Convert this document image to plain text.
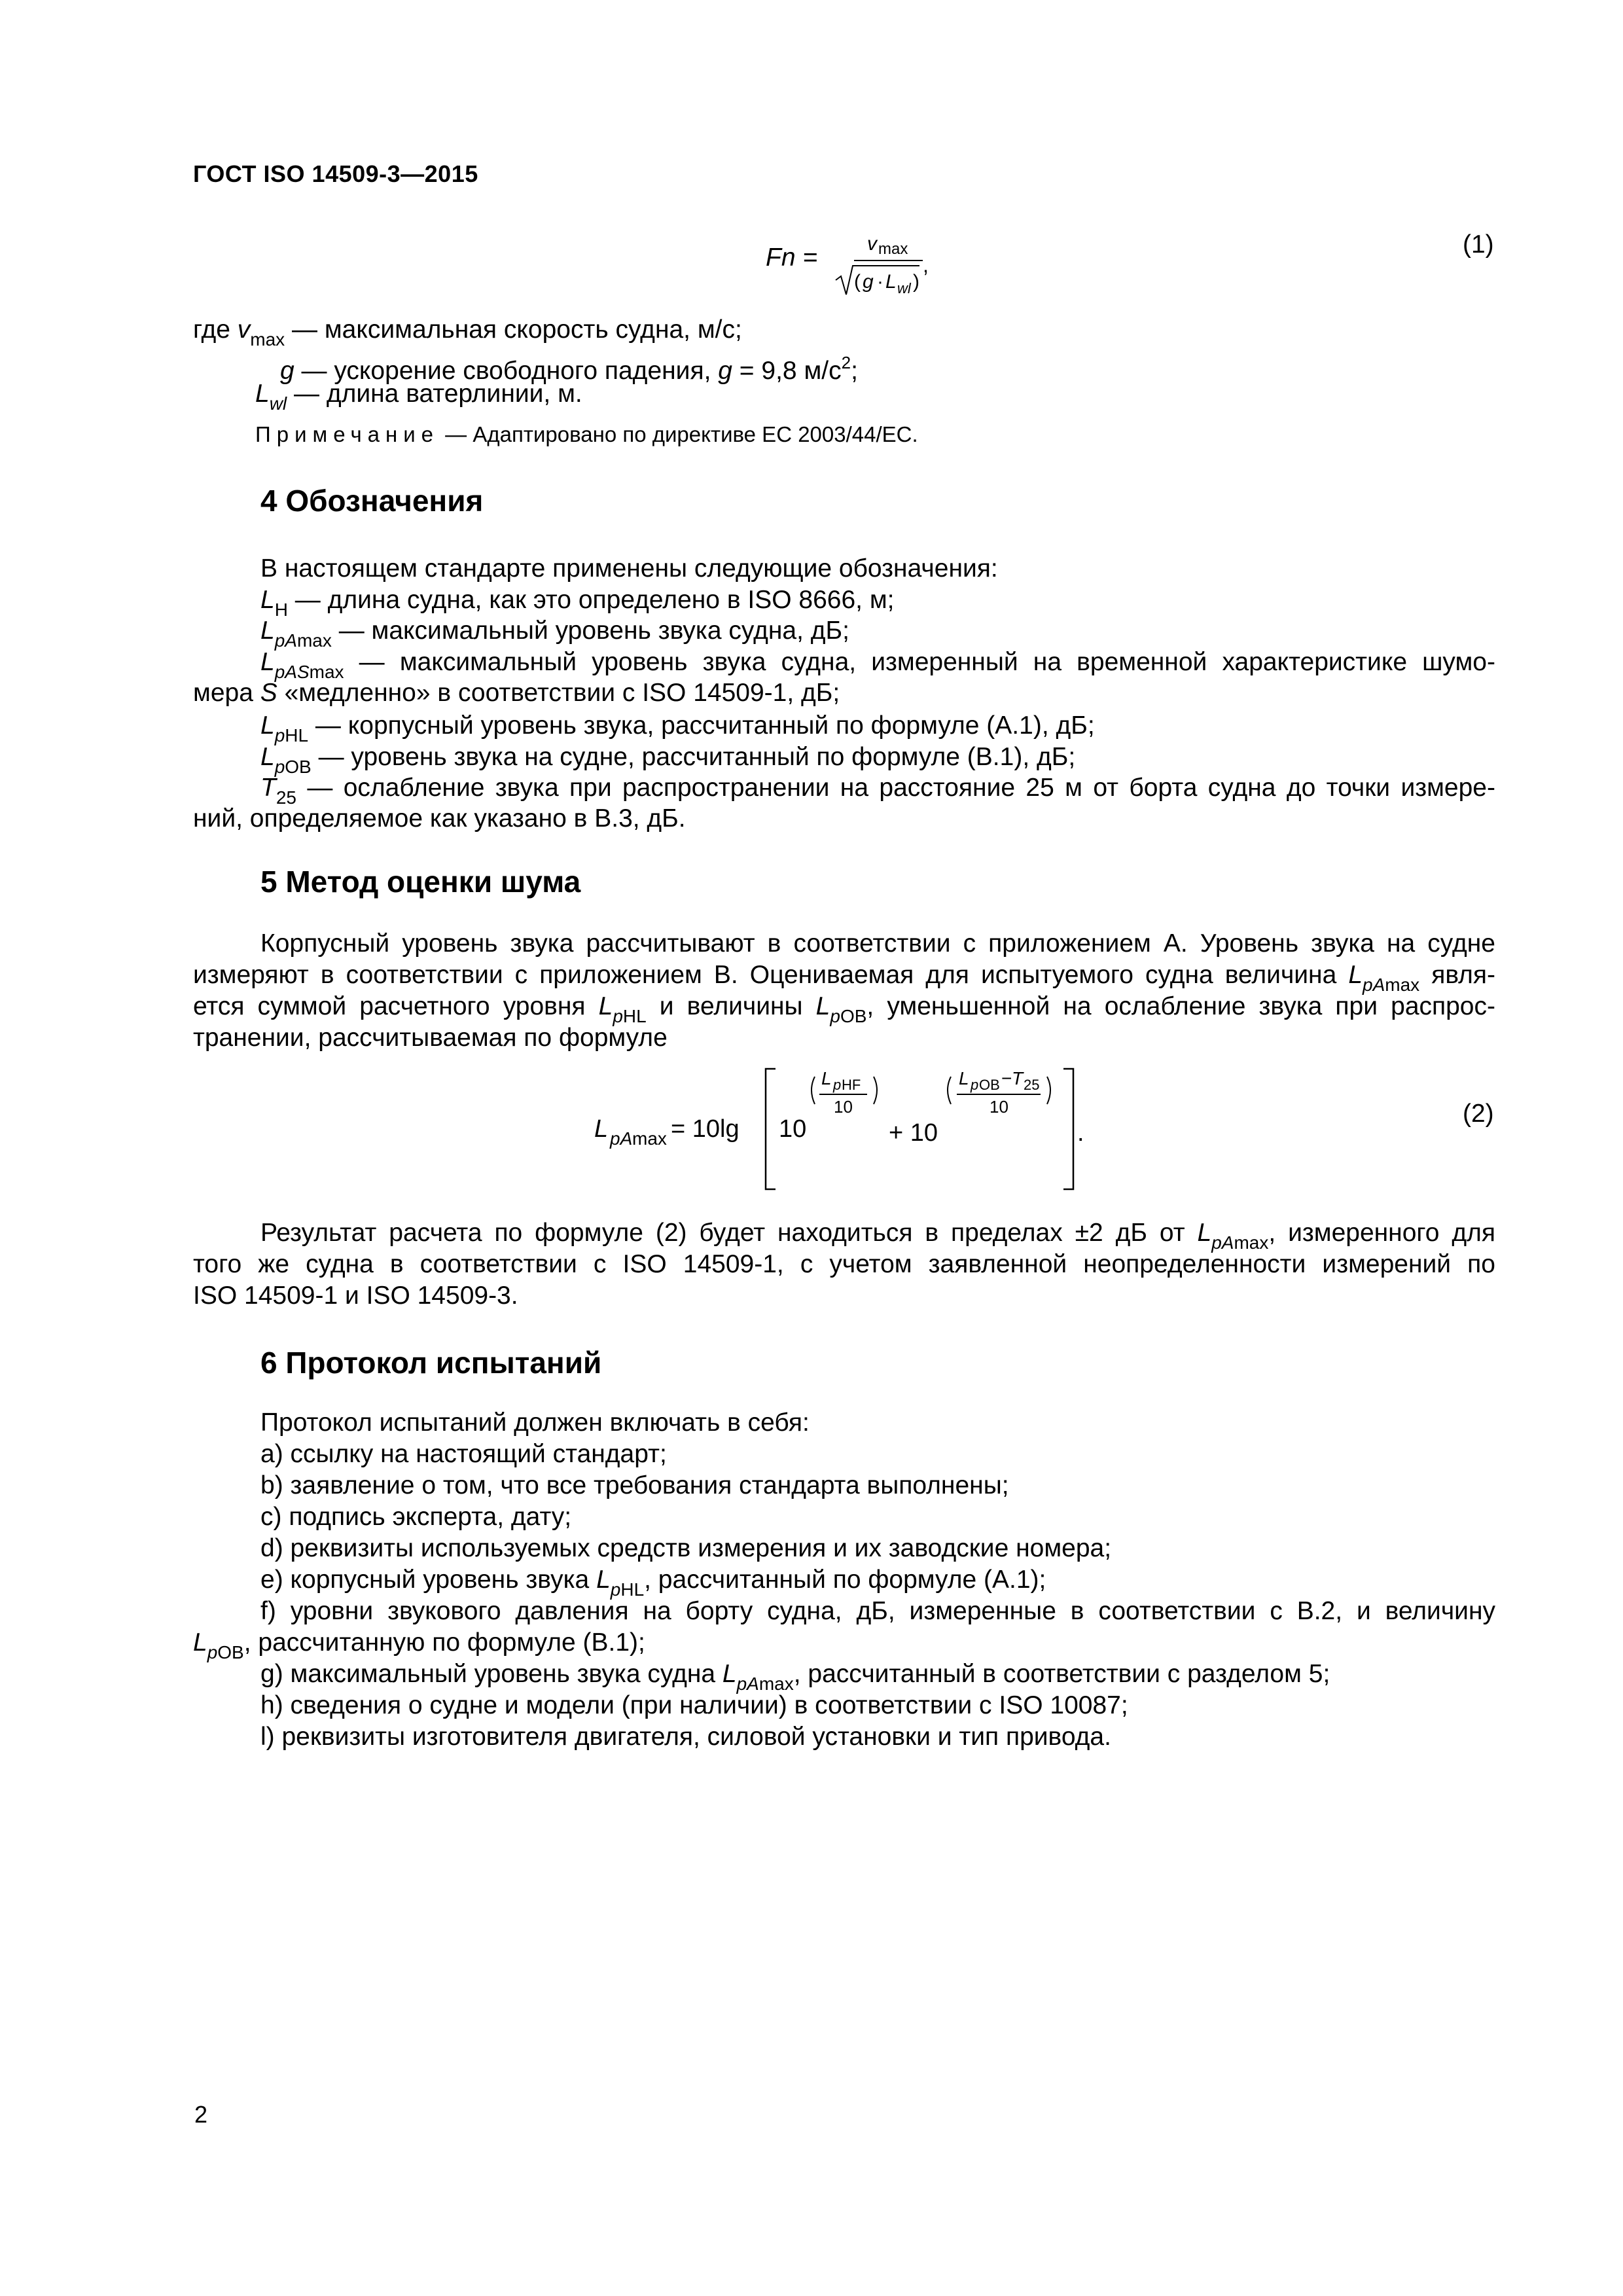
ГОСТ ISO 14509-3—2015
Fn =	v max
( g · L wl )
,
(1)
где $v_{max}$ — максимальная скорость судна, м/с;
g — ускорение свободного падения, g = 9,8 $м/с^2$;
$L_{wl}$ — длина ватерлинии, м.
Примечание — Адаптировано по директиве ЕС 2003/44/ЕС.
4 Обозначения
В настоящем стандарте применены следующие обозначения:
$L_H$ — длина судна, как это определено в ISO 8666, м;
$L_{pAmax}$ — максимальный уровень звука судна, дБ;
$L_{pASmax}$ — максимальный уровень звука судна, измеренный на временной характеристике шумо-
мера S «медленно» в соответствии с ISO 14509-1, дБ;
$L_{pHL}$ — корпусный уровень звука, рассчитанный по формуле (А.1), дБ;
$L_{pOB}$ — уровень звука на судне, рассчитанный по формуле (В.1), дБ;
$T_{25}$ — ослабление звука при распространении на расстояние 25 м от борта судна до точки измере-
ний, определяемое как указано в В.3, дБ.
5 Метод оценки шума
Корпусный уровень звука рассчитывают в соответствии с приложением А. Уровень звука на судне
измеряют в соответствии с приложением В. Оцениваемая для испытуемого судна величина $L_{pAmax}$ явля-
ется суммой расчетного уровня $L_{pHL}$ и величины $L_{pOB}$, уменьшенной на ослабление звука при распрос-
транении, рассчитываемая по формуле
L pA max = 10lg 10
L p HF
10
+ 10
L p OB − T 25
10
.
(2)
Результат расчета по формуле (2) будет находиться в пределах ±2 дБ от $L_{pAmax}$, измеренного для
того же судна в соответствии с ISO 14509-1, с учетом заявленной неопределенности измерений по
ISO 14509-1 и ISO 14509-3.
6 Протокол испытаний
Протокол испытаний должен включать в себя:
a) ссылку на настоящий стандарт;
b) заявление о том, что все требования стандарта выполнены;
c) подпись эксперта, дату;
d) реквизиты используемых средств измерения и их заводские номера;
e) корпусный уровень звука $L_{pHL}$, рассчитанный по формуле (А.1);
f) уровни звукового давления на борту судна, дБ, измеренные в соответствии с В.2, и величину
$L_{pOB}$, рассчитанную по формуле (В.1);
g) максимальный уровень звука судна $L_{pAmax}$, рассчитанный в соответствии с разделом 5;
h) сведения о судне и модели (при наличии) в соответствии с ISO 10087;
l) реквизиты изготовителя двигателя, силовой установки и тип привода.
2
